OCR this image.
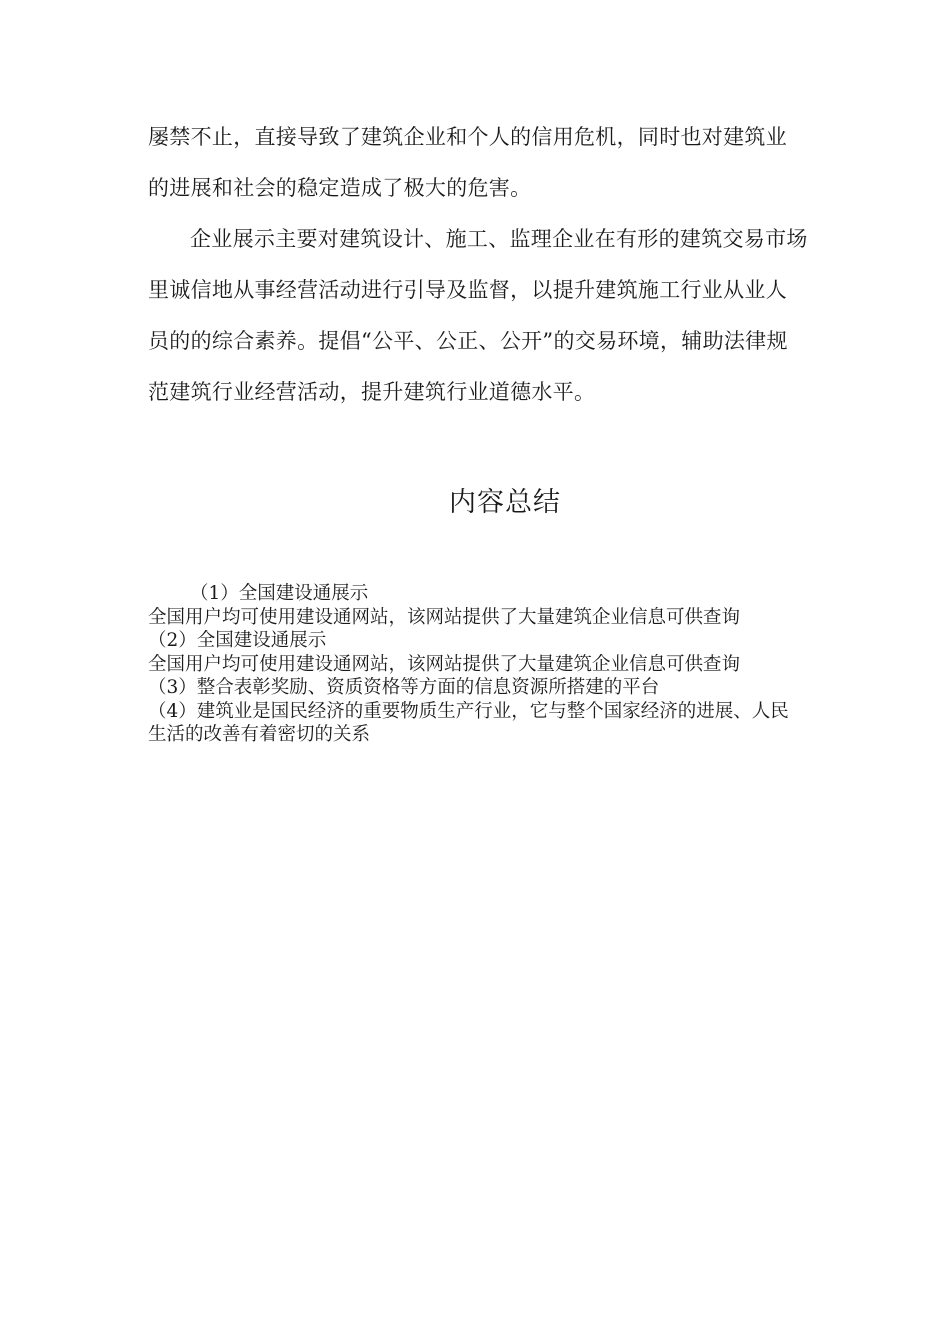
屡禁不止，直接导致了建筑企业和个人的信用危机，同时也对建筑业的进展和社会的稳定造成了极大的危害。
企业展示主要对建筑设计、施工、监理企业在有形的建筑交易市场里诚信地从事经营活动进行引导及监督，以提升建筑施工行业从业人员的的综合素养。提倡“公平、公正、公开”的交易环境，辅助法律规范建筑行业经营活动，提升建筑行业道德水平。
内容总结
（1）全国建设通展示
全国用户均可使用建设通网站，该网站提供了大量建筑企业信息可供查询
（2）全国建设通展示
全国用户均可使用建设通网站，该网站提供了大量建筑企业信息可供查询
（3）整合表彰奖励、资质资格等方面的信息资源所搭建的平台
（4）建筑业是国民经济的重要物质生产行业，它与整个国家经济的进展、人民生活的改善有着密切的关系
